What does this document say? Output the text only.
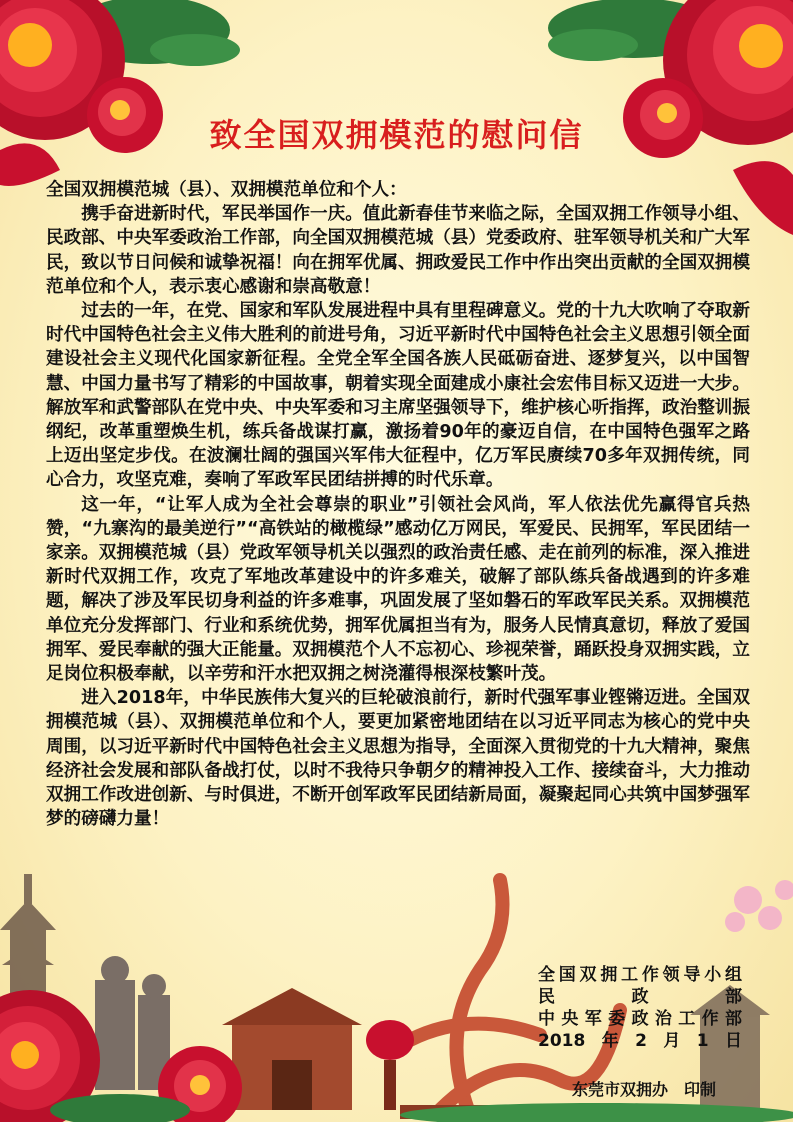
致全国双拥模范的慰问信

全国双拥模范城（县）、双拥模范单位和个人：

携手奋进新时代，军民举国作一庆。值此新春佳节来临之际，全国双拥工作领导小组、民政部、中央军委政治工作部，向全国双拥模范城（县）党委政府、驻军领导机关和广大军民，致以节日问候和诚挚祝福！向在拥军优属、拥政爱民工作中作出突出贡献的全国双拥模范单位和个人，表示衷心感谢和崇高敬意！

过去的一年，在党、国家和军队发展进程中具有里程碑意义。党的十九大吹响了夺取新时代中国特色社会主义伟大胜利的前进号角，习近平新时代中国特色社会主义思想引领全面建设社会主义现代化国家新征程。全党全军全国各族人民砥砺奋进、逐梦复兴，以中国智慧、中国力量书写了精彩的中国故事，朝着实现全面建成小康社会宏伟目标又迈进一大步。解放军和武警部队在党中央、中央军委和习主席坚强领导下，维护核心听指挥，政治整训振纲纪，改革重塑焕生机，练兵备战谋打赢，激扬着90年的豪迈自信，在中国特色强军之路上迈出坚定步伐。在波澜壮阔的强国兴军伟大征程中，亿万军民赓续70多年双拥传统，同心合力，攻坚克难，奏响了军政军民团结拼搏的时代乐章。

这一年，“让军人成为全社会尊崇的职业”引领社会风尚，军人依法优先赢得官兵热赞，“九寨沟的最美逆行”“高铁站的橄榄绿”感动亿万网民，军爱民、民拥军，军民团结一家亲。双拥模范城（县）党政军领导机关以强烈的政治责任感、走在前列的标准，深入推进新时代双拥工作，攻克了军地改革建设中的许多难关，破解了部队练兵备战遇到的许多难题，解决了涉及军民切身利益的许多难事，巩固发展了坚如磐石的军政军民关系。双拥模范单位充分发挥部门、行业和系统优势，拥军优属担当有为，服务人民情真意切，释放了爱国拥军、爱民奉献的强大正能量。双拥模范个人不忘初心、珍视荣誉，踊跃投身双拥实践，立足岗位积极奉献，以辛劳和汗水把双拥之树浇灌得根深枝繁叶茂。

进入2018年，中华民族伟大复兴的巨轮破浪前行，新时代强军事业铿锵迈进。全国双拥模范城（县）、双拥模范单位和个人，要更加紧密地团结在以习近平同志为核心的党中央周围，以习近平新时代中国特色社会主义思想为指导，全面深入贯彻党的十九大精神，聚焦经济社会发展和部队备战打仗，以时不我待只争朝夕的精神投入工作、接续奋斗，大力推动双拥工作改进创新、与时俱进，不断开创军政军民团结新局面，凝聚起同心共筑中国梦强军梦的磅礴力量！

全国双拥工作领导小组
民　　政　　部
中央军委政治工作部
2018年2月1日
东莞市双拥办　印制
